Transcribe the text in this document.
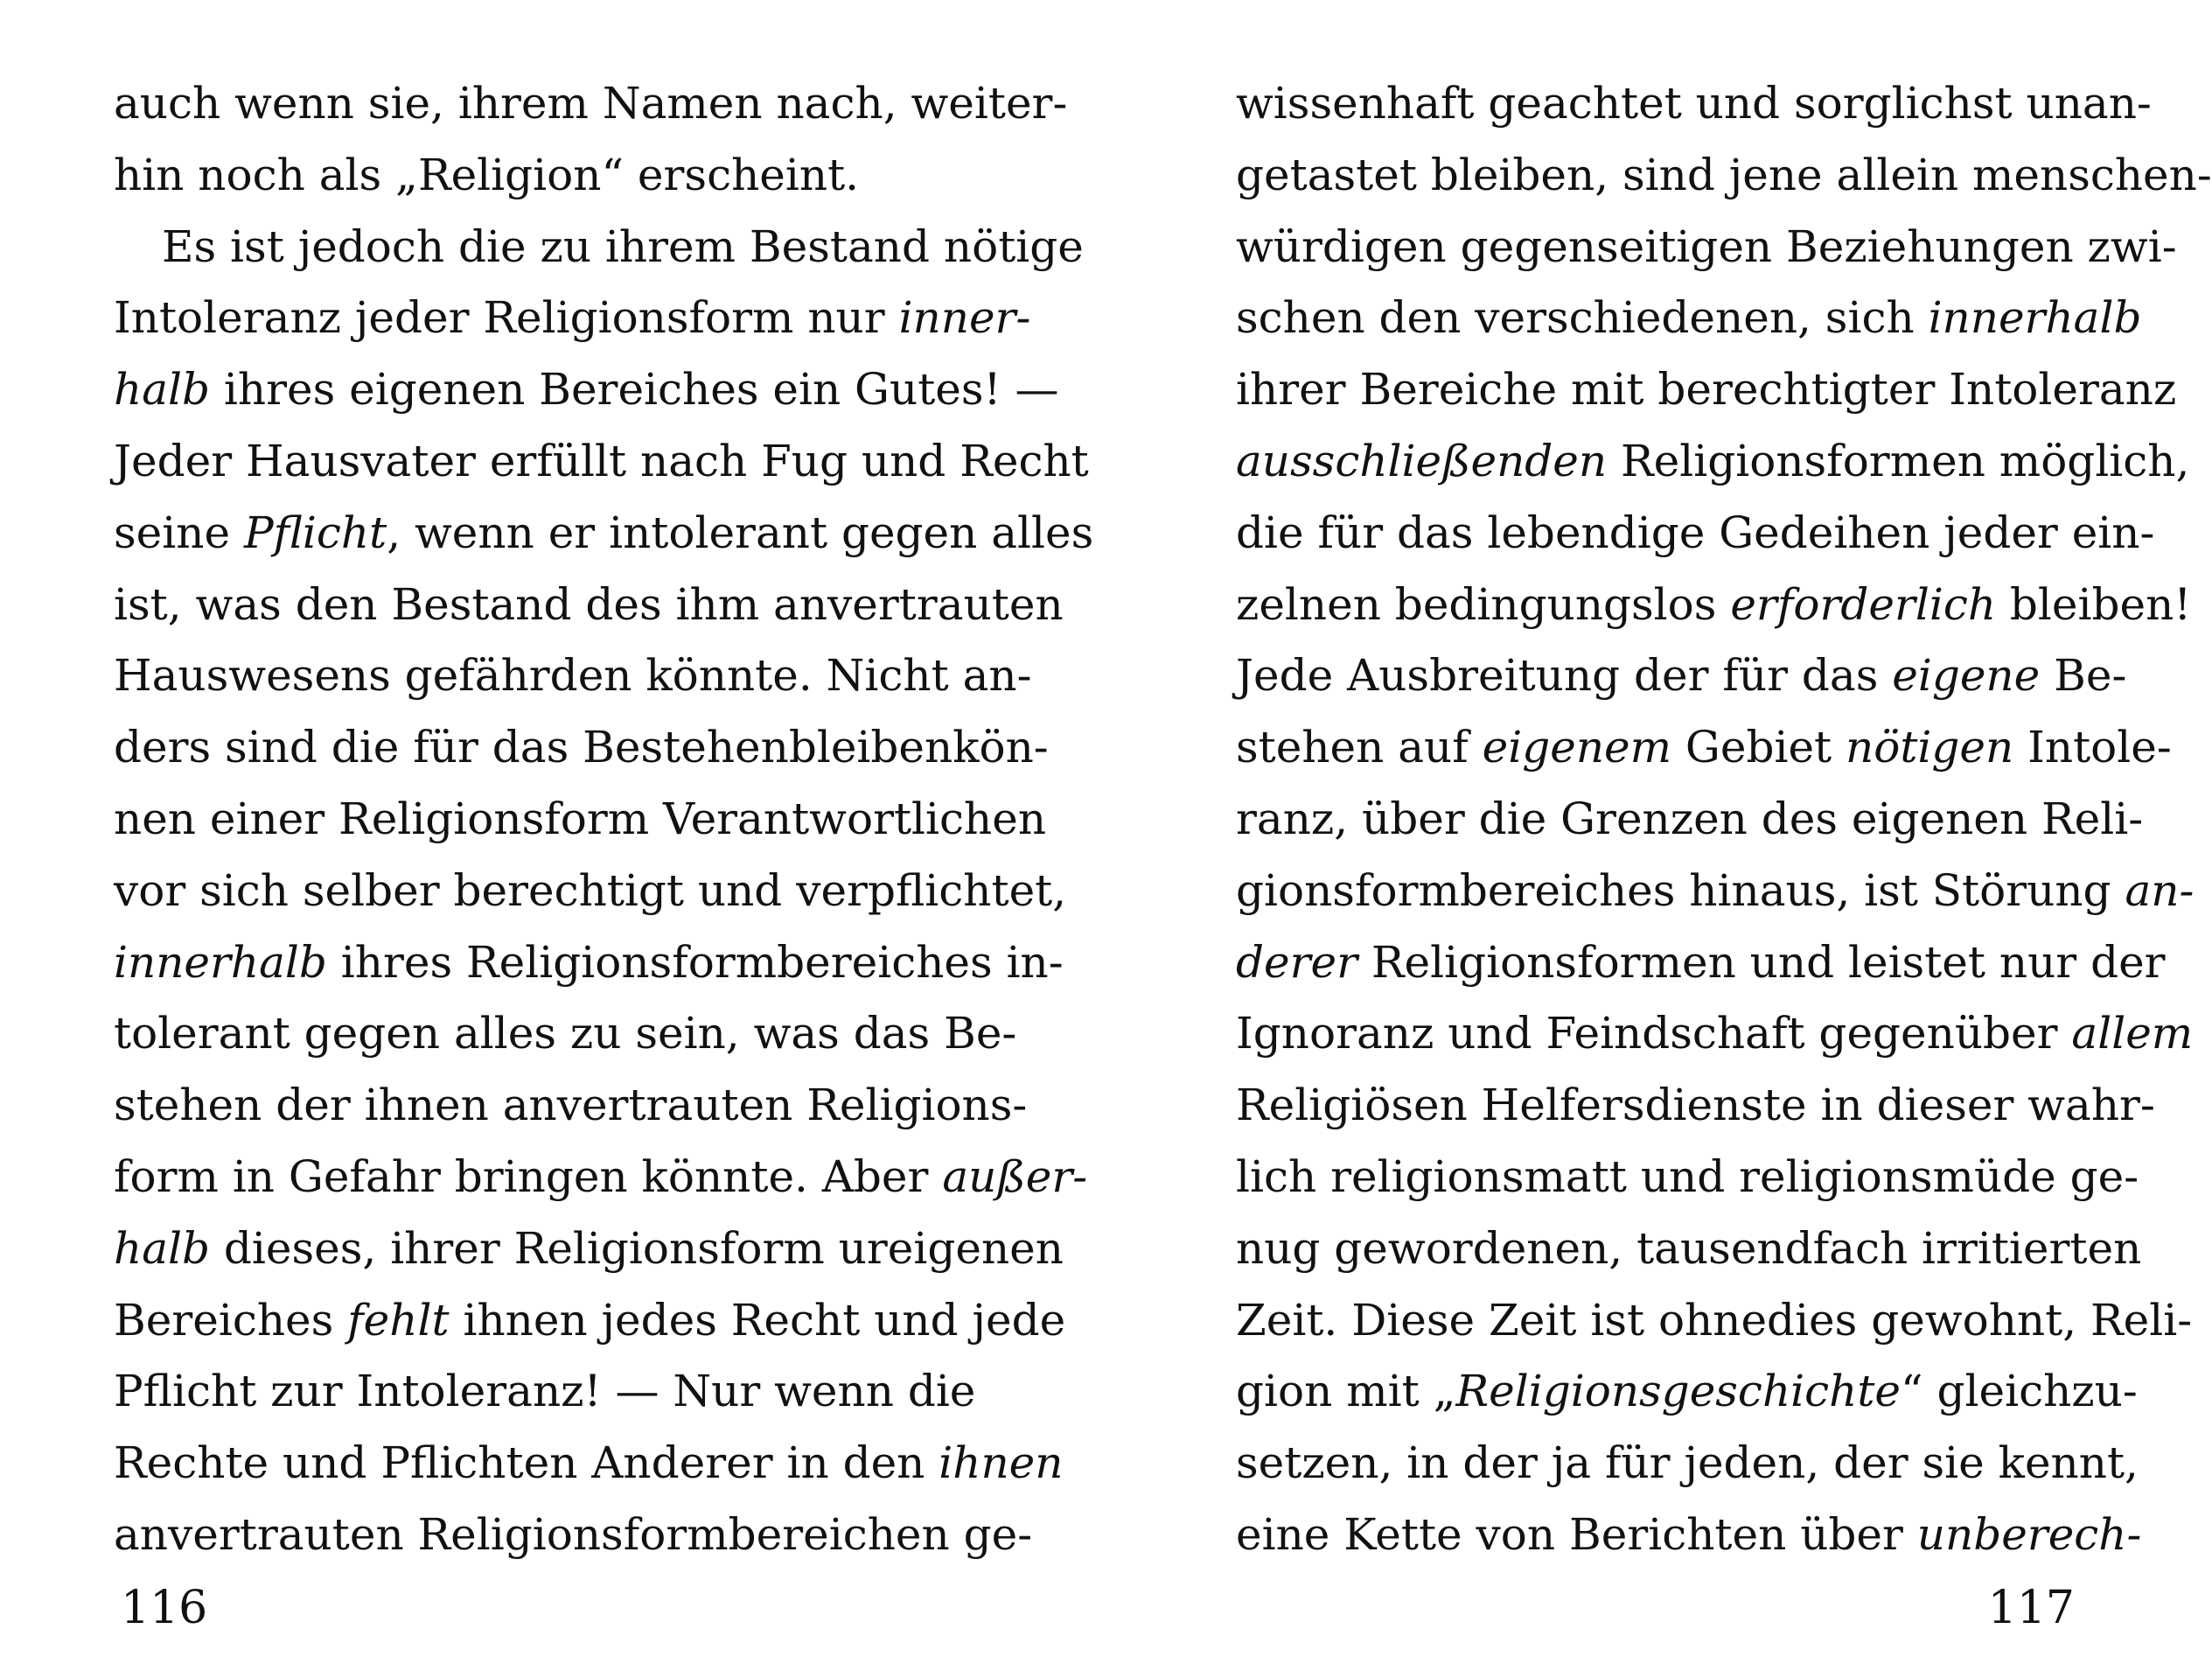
auch wenn sie, ihrem Namen nach, weiter-
hin noch als „Religion“ erscheint.
Es ist jedoch die zu ihrem Bestand nötige
Intoleranz jeder Religionsform nur inner-
halb ihres eigenen Bereiches ein Gutes! —
Jeder Hausvater erfüllt nach Fug und Recht
seine Pflicht, wenn er intolerant gegen alles
ist, was den Bestand des ihm anvertrauten
Hauswesens gefährden könnte. Nicht an-
ders sind die für das Bestehenbleibenkön-
nen einer Religionsform Verantwortlichen
vor sich selber berechtigt und verpflichtet,
innerhalb ihres Religionsformbereiches in-
tolerant gegen alles zu sein, was das Be-
stehen der ihnen anvertrauten Religions-
form in Gefahr bringen könnte. Aber außer-
halb dieses, ihrer Religionsform ureigenen
Bereiches fehlt ihnen jedes Recht und jede
Pflicht zur Intoleranz! — Nur wenn die
Rechte und Pflichten Anderer in den ihnen
anvertrauten Religionsformbereichen ge-
116
wissenhaft geachtet und sorglichst unan-
getastet bleiben, sind jene allein menschen-
würdigen gegenseitigen Beziehungen zwi-
schen den verschiedenen, sich innerhalb
ihrer Bereiche mit berechtigter Intoleranz
ausschließenden Religionsformen möglich,
die für das lebendige Gedeihen jeder ein-
zelnen bedingungslos erforderlich bleiben!
Jede Ausbreitung der für das eigene Be-
stehen auf eigenem Gebiet nötigen Intole-
ranz, über die Grenzen des eigenen Reli-
gionsformbereiches hinaus, ist Störung an-
derer Religionsformen und leistet nur der
Ignoranz und Feindschaft gegenüber allem
Religiösen Helfersdienste in dieser wahr-
lich religionsmatt und religionsmüde ge-
nug gewordenen, tausendfach irritierten
Zeit. Diese Zeit ist ohnedies gewohnt, Reli-
gion mit „Religionsgeschichte“ gleichzu-
setzen, in der ja für jeden, der sie kennt,
eine Kette von Berichten über unberech-
117
